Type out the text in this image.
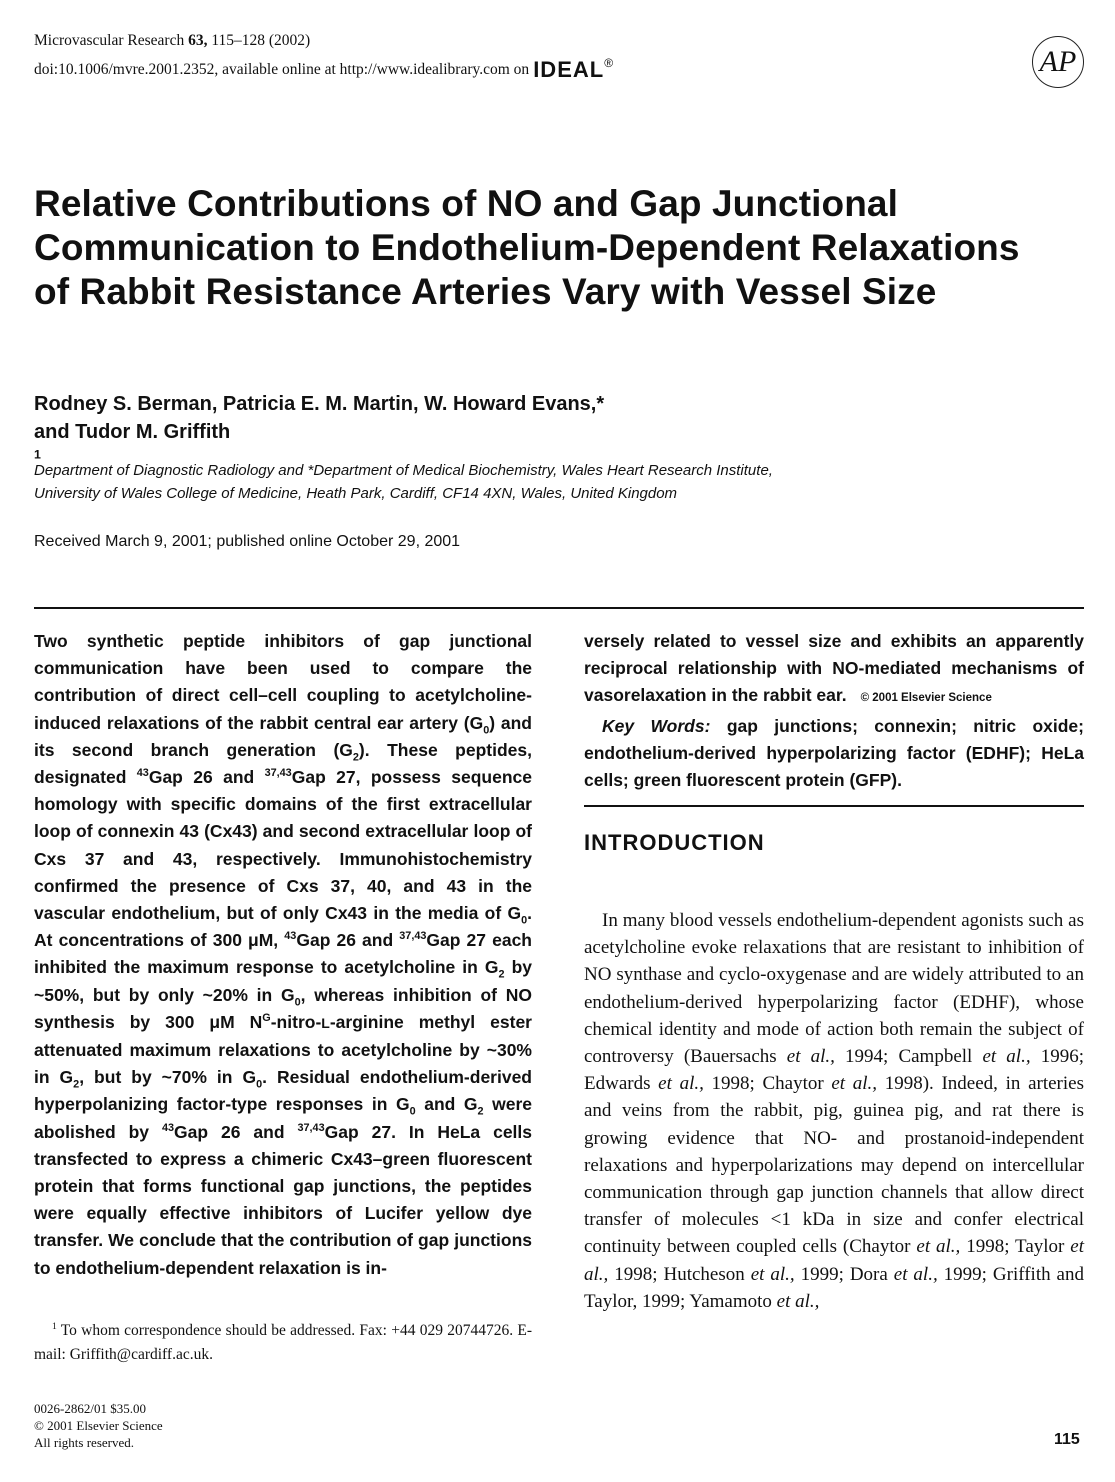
Microvascular Research 63, 115–128 (2002)
doi:10.1006/mvre.2001.2352, available online at http://www.idealibrary.com on IDEAL®	AP
Relative Contributions of NO and Gap Junctional
Communication to Endothelium-Dependent Relaxations
of Rabbit Resistance Arteries Vary with Vessel Size
Rodney S. Berman, Patricia E. M. Martin, W. Howard Evans,*
and Tudor M. Griffith
$^1$
Department of Diagnostic Radiology and *Department of Medical Biochemistry, Wales Heart Research Institute,
University of Wales College of Medicine, Heath Park, Cardiff, CF14 4XN, Wales, United Kingdom
Received March 9, 2001; published online October 29, 2001
Two synthetic peptide inhibitors of gap junctional communication have been used to compare the contribution of direct cell–cell coupling to acetylcholine-induced relaxations of the rabbit central ear artery $(G_0)$ and its second branch generation $(G_2)$. These peptides, designated $^{43}$Gap 26 and $^{37,43}$Gap 27, possess sequence homology with specific domains of the first extracellular loop of connexin 43 (Cx43) and second extracellular loop of Cxs 37 and 43, respectively. Immunohistochemistry confirmed the presence of Cxs 37, 40, and 43 in the vascular endothelium, but of only Cx43 in the media of $G_0$. At concentrations of 300 μM, $^{43}$Gap 26 and $^{37,43}$Gap 27 each inhibited the maximum response to acetylcholine in $G_2$ by ~50%, but by only ~20% in $G_0$, whereas inhibition of NO synthesis by 300 μM $N^G-nitro-L$-arginine methyl ester attenuated maximum relaxations to acetylcholine by ~30% in $G_2$, but by ~70% in $G_0$. Residual endothelium-derived hyperpolanizing factor-type responses in $G_0$ and $G_2$ were abolished by $^{43}$Gap 26 and $^{37,43}$Gap 27. In HeLa cells transfected to express a chimeric Cx43–green fluorescent protein that forms functional gap junctions, the peptides were equally effective inhibitors of Lucifer yellow dye transfer. We conclude that the contribution of gap junctions to endothelium-dependent relaxation is in-
versely related to vessel size and exhibits an apparently reciprocal relationship with NO-mediated mechanisms of vasorelaxation in the rabbit ear. © 2001 Elsevier Science

Key Words: gap junctions; connexin; nitric oxide; endothelium-derived hyperpolarizing factor (EDHF); HeLa cells; green fluorescent protein (GFP).

INTRODUCTION

In many blood vessels endothelium-dependent agonists such as acetylcholine evoke relaxations that are resistant to inhibition of NO synthase and cyclo-oxygenase and are widely attributed to an endothelium-derived hyperpolarizing factor (EDHF), whose chemical identity and mode of action both remain the subject of controversy (Bauersachs et al., 1994; Campbell et al., 1996; Edwards et al., 1998; Chaytor et al., 1998). Indeed, in arteries and veins from the rabbit, pig, guinea pig, and rat there is growing evidence that NO- and prostanoid-independent relaxations and hyperpolarizations may depend on intercellular communication through gap junction channels that allow direct transfer of molecules <1 kDa in size and confer electrical continuity between coupled cells (Chaytor et al., 1998; Taylor et al., 1998; Hutcheson et al., 1999; Dora et al., 1999; Griffith and Taylor, 1999; Yamamoto et al.,

$^1$ To whom correspondence should be addressed. Fax: +44 029 20744726. E-mail: Griffith@cardiff.ac.uk.

0026-2862/01 $35.00
© 2001 Elsevier Science
All rights reserved.	115
